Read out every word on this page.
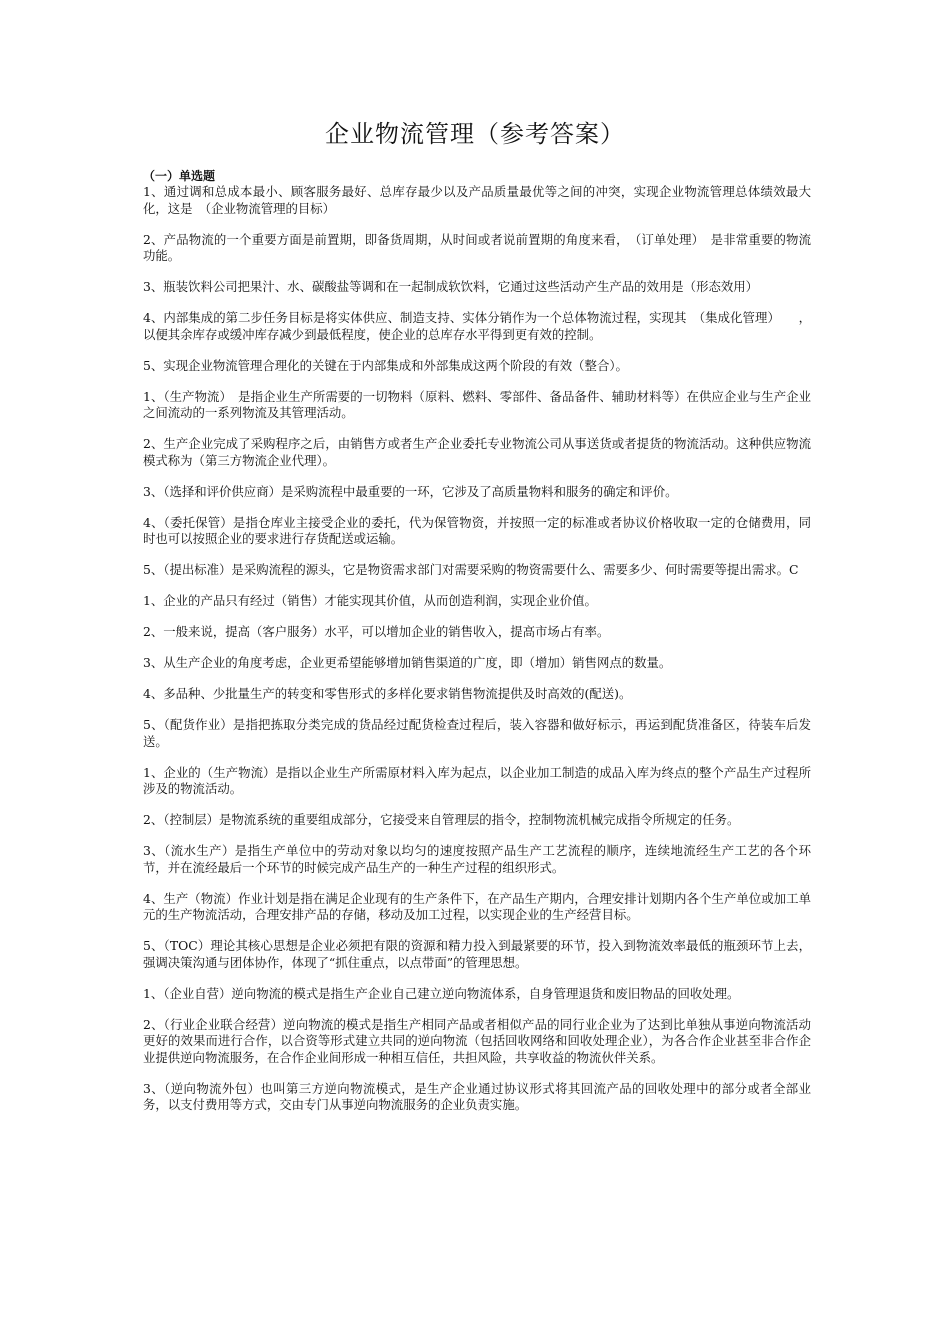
企业物流管理（参考答案）

（一）单选题

1、通过调和总成本最小、顾客服务最好、总库存最少以及产品质量最优等之间的冲突，实现企业物流管理总体绩效最大化，这是　（企业物流管理的目标）

2、产品物流的一个重要方面是前置期，即备货周期，从时间或者说前置期的角度来看，　（订单处理）　是非常重要的物流功能。

3、瓶装饮料公司把果汁、水、碳酸盐等调和在一起制成软饮料，它通过这些活动产生产品的效用是（形态效用）

4、内部集成的第二步任务目标是将实体供应、制造支持、实体分销作为一个总体物流过程，实现其　（集成化管理）　　，以便其余库存或缓冲库存减少到最低程度，使企业的总库存水平得到更有效的控制。

5、实现企业物流管理合理化的关键在于内部集成和外部集成这两个阶段的有效（整合）。

1、（生产物流）　是指企业生产所需要的一切物料（原料、燃料、零部件、备品备件、辅助材料等）在供应企业与生产企业之间流动的一系列物流及其管理活动。

2、生产企业完成了采购程序之后，由销售方或者生产企业委托专业物流公司从事送货或者提货的物流活动。这种供应物流模式称为（第三方物流企业代理）。

3、（选择和评价供应商）是采购流程中最重要的一环，它涉及了高质量物料和服务的确定和评价。

4、（委托保管）是指仓库业主接受企业的委托，代为保管物资，并按照一定的标准或者协议价格收取一定的仓储费用，同时也可以按照企业的要求进行存货配送或运输。

5、（提出标准）是采购流程的源头，它是物资需求部门对需要采购的物资需要什么、需要多少、何时需要等提出需求。C

1、企业的产品只有经过（销售）才能实现其价值，从而创造利润，实现企业价值。

2、一般来说，提高（客户服务）水平，可以增加企业的销售收入，提高市场占有率。

3、从生产企业的角度考虑，企业更希望能够增加销售渠道的广度，即（增加）销售网点的数量。

4、多品种、少批量生产的转变和零售形式的多样化要求销售物流提供及时高效的(配送)。

5、（配货作业）是指把拣取分类完成的货品经过配货检查过程后，装入容器和做好标示，再运到配货准备区，待装车后发送。

1、企业的（生产物流）是指以企业生产所需原材料入库为起点，以企业加工制造的成品入库为终点的整个产品生产过程所涉及的物流活动。

2、（控制层）是物流系统的重要组成部分，它接受来自管理层的指令，控制物流机械完成指令所规定的任务。

3、（流水生产）是指生产单位中的劳动对象以均匀的速度按照产品生产工艺流程的顺序，连续地流经生产工艺的各个环节，并在流经最后一个环节的时候完成产品生产的一种生产过程的组织形式。

4、生产（物流）作业计划是指在满足企业现有的生产条件下，在产品生产期内，合理安排计划期内各个生产单位或加工单元的生产物流活动，合理安排产品的存储，移动及加工过程，以实现企业的生产经营目标。

5、（TOC）理论其核心思想是企业必须把有限的资源和精力投入到最紧要的环节，投入到物流效率最低的瓶颈环节上去，强调决策沟通与团体协作，体现了“抓住重点，以点带面”的管理思想。

1、（企业自营）逆向物流的模式是指生产企业自己建立逆向物流体系，自身管理退货和废旧物品的回收处理。

2、（行业企业联合经营）逆向物流的模式是指生产相同产品或者相似产品的同行业企业为了达到比单独从事逆向物流活动更好的效果而进行合作，以合资等形式建立共同的逆向物流（包括回收网络和回收处理企业），为各合作企业甚至非合作企业提供逆向物流服务，在合作企业间形成一种相互信任，共担风险，共享收益的物流伙伴关系。

3、（逆向物流外包）也叫第三方逆向物流模式，是生产企业通过协议形式将其回流产品的回收处理中的部分或者全部业务，以支付费用等方式，交由专门从事逆向物流服务的企业负责实施。
